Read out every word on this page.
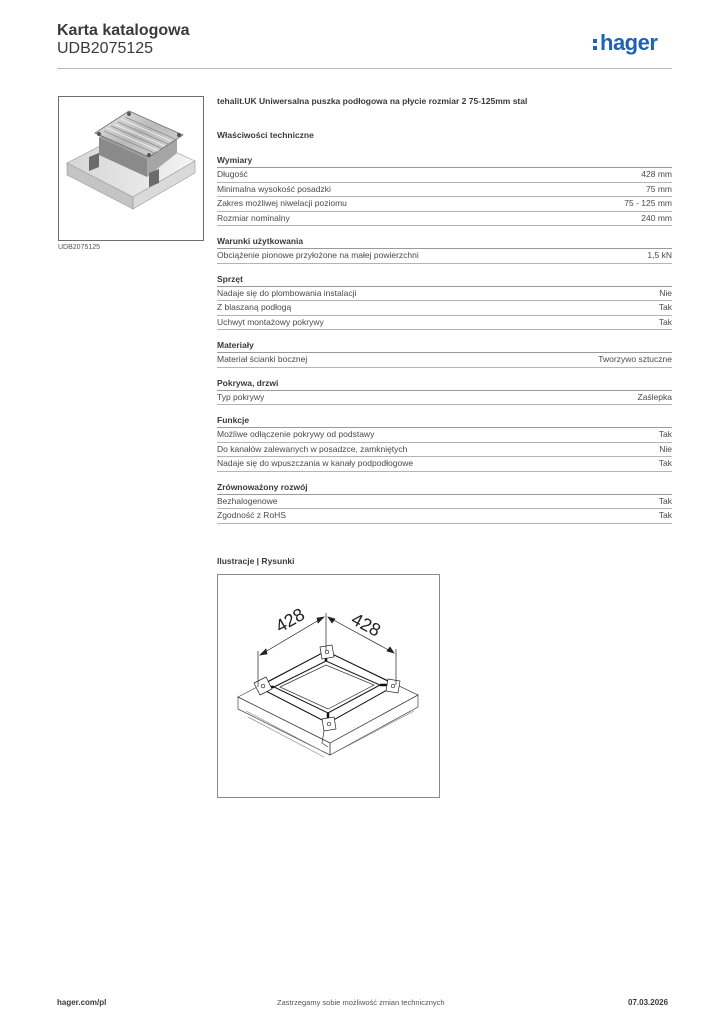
Karta katalogowa
UDB2075125	hager
UDB2075125
tehalit.UK Uniwersalna puszka podłogowa na płycie rozmiar 2 75-125mm stal
Właściwości techniczne
Wymiary
Długość	428 mm
Minimalna wysokość posadzki	75 mm
Zakres możliwej niwelacji poziomu	75 - 125 mm
Rozmiar nominalny	240 mm
Warunki użytkowania
Obciążenie pionowe przyłożone na małej powierzchni	1,5 kN
Sprzęt
Nadaje się do plombowania instalacji	Nie
Z blaszaną podłogą	Tak
Uchwyt montażowy pokrywy	Tak
Materiały
Materiał ścianki bocznej	Tworzywo sztuczne
Pokrywa, drzwi
Typ pokrywy	Zaślepka
Funkcje
Możliwe odłączenie pokrywy od podstawy	Tak
Do kanałów zalewanych w posadzce, zamkniętych	Nie
Nadaje się do wpuszczania w kanały podpodłogowe	Tak
Zrównoważony rozwój
Bezhalogenowe	Tak
Zgodność z RoHS	Tak
Ilustracje | Rysunki
428 428
hager.com/pl	Zastrzegamy sobie możliwość zmian technicznych	07.03.2026
